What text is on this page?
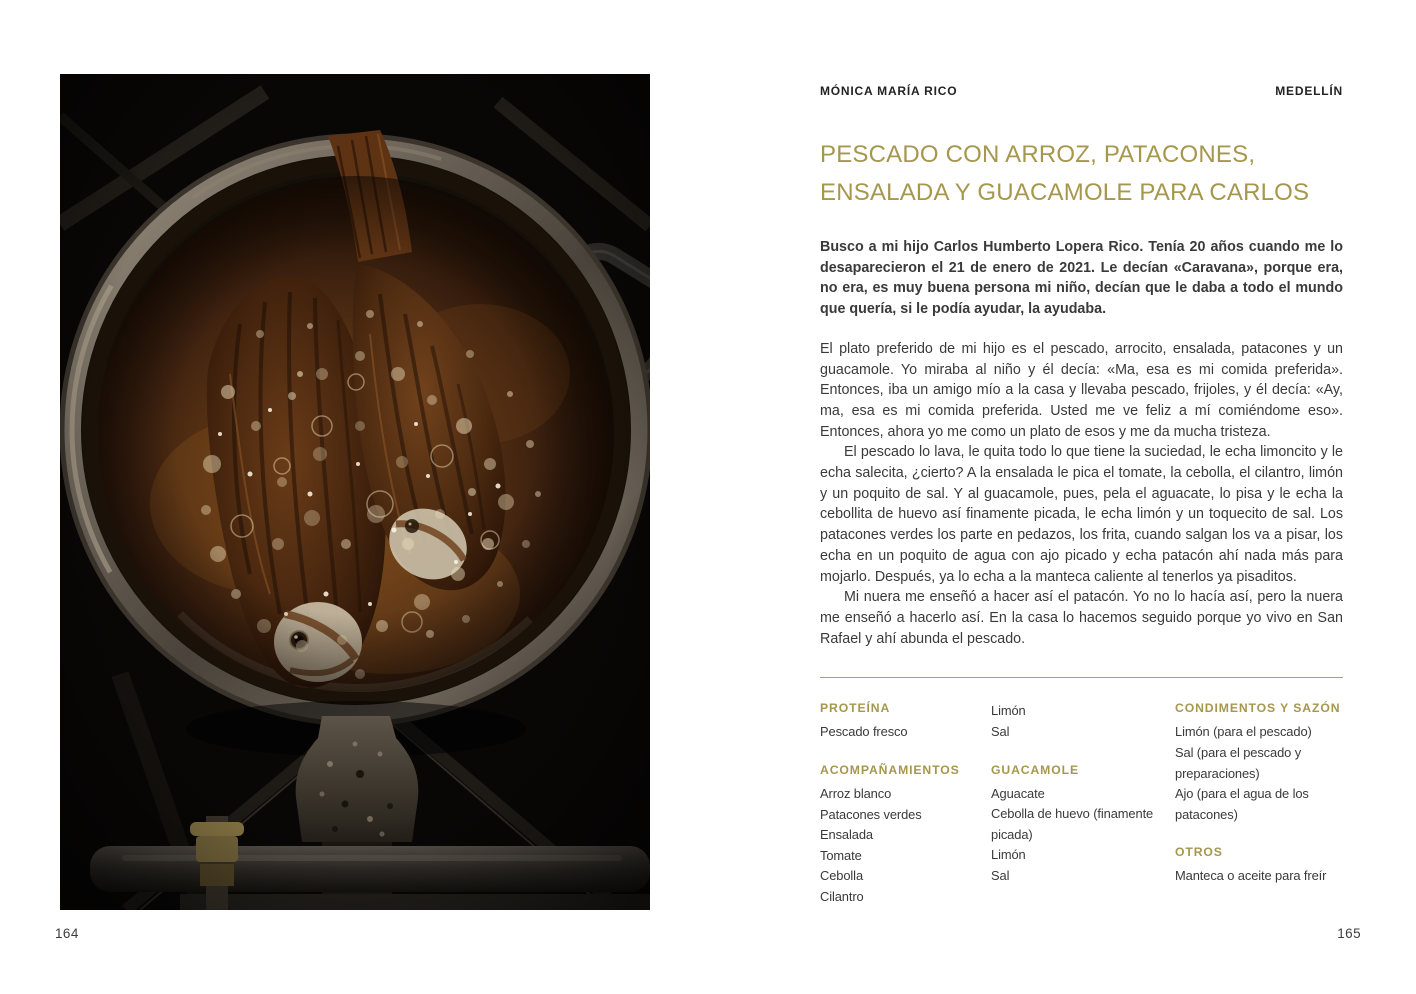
164
MÓNICA MARÍA RICO	MEDELLÍN
PESCADO CON ARROZ, PATACONES,
ENSALADA Y GUACAMOLE PARA CARLOS
Busco a mi hijo Carlos Humberto Lopera Rico. Tenía 20 años cuando me lo desaparecieron el 21 de enero de 2021. Le decían «Caravana», porque era, no era, es muy buena persona mi niño, decían que le daba a todo el mundo que quería, si le podía ayudar, la ayudaba.

El plato preferido de mi hijo es el pescado, arrocito, ensalada, patacones y un guacamole. Yo miraba al niño y él decía: «Ma, esa es mi comida preferida». Entonces, iba un amigo mío a la casa y llevaba pescado, frijoles, y él decía: «Ay, ma, esa es mi comida preferida. Usted me ve feliz a mí comiéndome eso». Entonces, ahora yo me como un plato de esos y me da mucha tristeza.

El pescado lo lava, le quita todo lo que tiene la suciedad, le echa limoncito y le echa salecita, ¿cierto? A la ensalada le pica el tomate, la cebolla, el cilantro, limón y un poquito de sal. Y al guacamole, pues, pela el aguacate, lo pisa y le echa la cebollita de huevo así finamente picada, le echa limón y un toquecito de sal. Los patacones verdes los parte en pedazos, los frita, cuando salgan los va a pisar, los echa en un poquito de agua con ajo picado y echa patacón ahí nada más para mojarlo. Después, ya lo echa a la manteca caliente al tenerlos ya pisaditos.

Mi nuera me enseñó a hacer así el patacón. Yo no lo hacía así, pero la nuera me enseñó a hacerlo así. En la casa lo hacemos seguido porque yo vivo en San Rafael y ahí abunda el pescado.

PROTEÍNA
Pescado fresco
ACOMPAÑAMIENTOS
Arroz blanco
Patacones verdes
Ensalada
Tomate
Cebolla
Cilantro
Limón
Sal
GUACAMOLE
Aguacate
Cebolla de huevo (finamente picada)
Limón
Sal
CONDIMENTOS Y SAZÓN
Limón (para el pescado)
Sal (para el pescado y preparaciones)
Ajo (para el agua de los patacones)
OTROS
Manteca o aceite para freír
165
